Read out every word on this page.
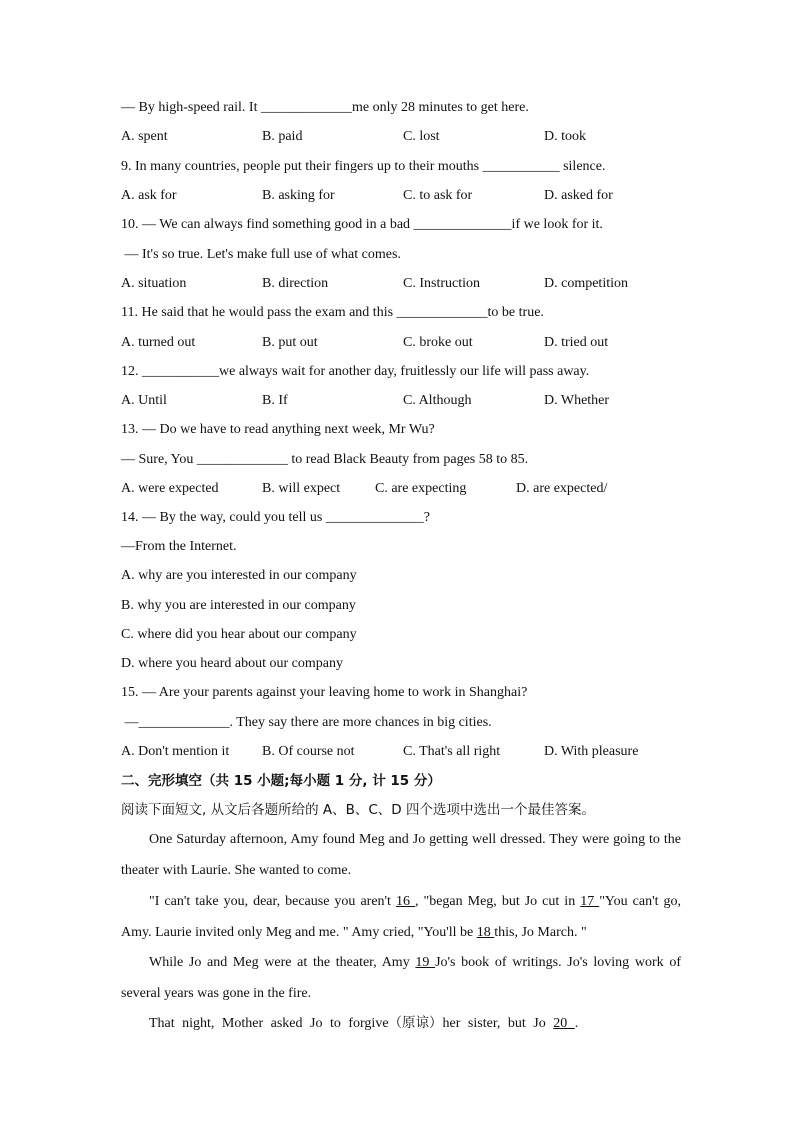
— By high-speed rail. It _____________me only 28 minutes to get here.
A. spent	B. paid	C. lost	D. took
9. In many countries, people put their fingers up to their mouths ___________ silence.
A. ask for	B. asking for	C. to ask for	D. asked for
10. — We can always find something good in a bad ______________if we look for it.
— It's so true. Let's make full use of what comes.
A. situation	B. direction	C. Instruction	D. competition
11. He said that he would pass the exam and this _____________to be true.
A. turned out	B. put out	C. broke out	D. tried out
12. ___________we always wait for another day, fruitlessly our life will pass away.
A. Until	B. If	C. Although	D. Whether
13. — Do we have to read anything next week, Mr Wu?
— Sure, You _____________ to read Black Beauty from pages 58 to 85.
A. were expected	B. will expect C. are expecting	D. are expected/
14. — By the way, could you tell us ______________?
—From the Internet.
A. why are you interested in our company
B. why you are interested in our company
C. where did you hear about our company
D. where you heard about our company
15. — Are your parents against your leaving home to work in Shanghai?
—_____________. They say there are more chances in big cities.
A. Don't mention it B. Of course not	C. That's all right	D. With pleasure
二、完形填空（共 15 小题;每小题 1 分, 计 15 分）
阅读下面短文, 从文后各题所给的 A、B、C、D 四个选项中选出一个最佳答案。
One Saturday afternoon, Amy found Meg and Jo getting well dressed. They were going to the theater with Laurie. She wanted to come.
"I can't take you, dear, because you aren't 16 , "began Meg, but Jo cut in 17 "You can't go, Amy. Laurie invited only Meg and me. " Amy cried, "You'll be 18 this, Jo March. "
While Jo and Meg were at the theater, Amy 19 Jo's book of writings. Jo's loving work of several years was gone in the fire.
That night, Mother asked Jo to forgive（原谅）her sister, but Jo 20 .
